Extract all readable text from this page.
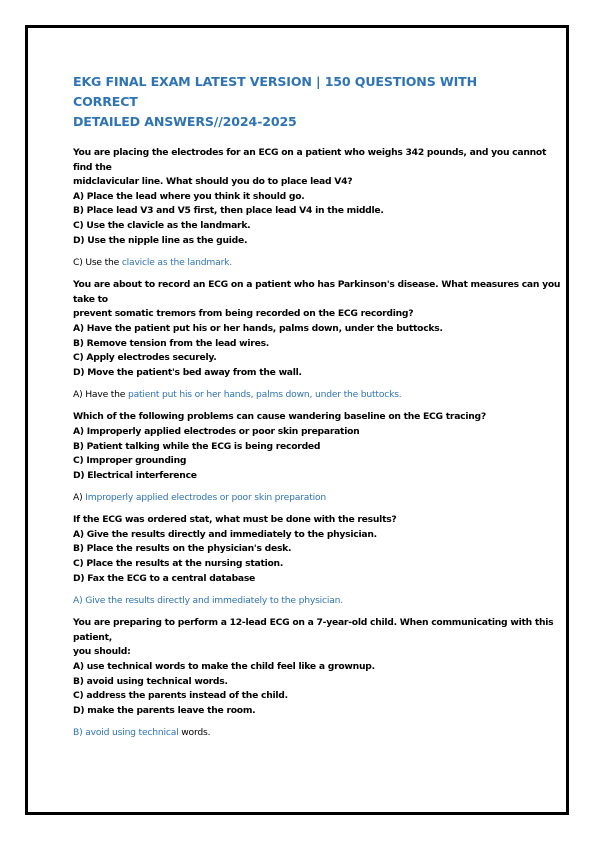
EKG FINAL EXAM LATEST VERSION | 150 QUESTIONS WITH CORRECT
DETAILED ANSWERS//2024-2025
You are placing the electrodes for an ECG on a patient who weighs 342 pounds, and you cannot
find the
midclavicular line. What should you do to place lead V4?
A) Place the lead where you think it should go.
B) Place lead V3 and V5 first, then place lead V4 in the middle.
C) Use the clavicle as the landmark.
D) Use the nipple line as the guide.
C) Use the clavicle as the landmark.
You are about to record an ECG on a patient who has Parkinson's disease. What measures can you
take to
prevent somatic tremors from being recorded on the ECG recording?
A) Have the patient put his or her hands, palms down, under the buttocks.
B) Remove tension from the lead wires.
C) Apply electrodes securely.
D) Move the patient's bed away from the wall.
A) Have the patient put his or her hands, palms down, under the buttocks.
Which of the following problems can cause wandering baseline on the ECG tracing?
A) Improperly applied electrodes or poor skin preparation
B) Patient talking while the ECG is being recorded
C) Improper grounding
D) Electrical interference
A) Improperly applied electrodes or poor skin preparation
If the ECG was ordered stat, what must be done with the results?
A) Give the results directly and immediately to the physician.
B) Place the results on the physician's desk.
C) Place the results at the nursing station.
D) Fax the ECG to a central database
A) Give the results directly and immediately to the physician.
You are preparing to perform a 12-lead ECG on a 7-year-old child. When communicating with this
patient,
you should:
A) use technical words to make the child feel like a grownup.
B) avoid using technical words.
C) address the parents instead of the child.
D) make the parents leave the room.
B) avoid using technical words.
